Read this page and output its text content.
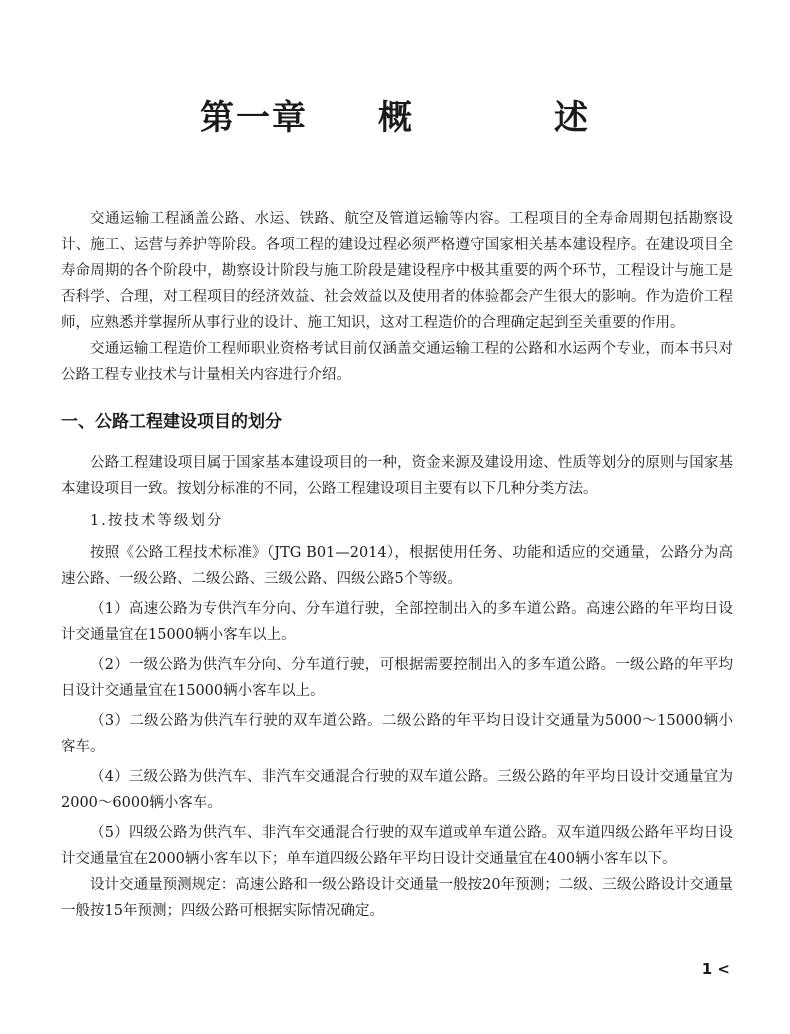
第一章 概	述

交通运输工程涵盖公路、水运、铁路、航空及管道运输等内容。工程项目的全寿命周期包括勘察设计、施工、运营与养护等阶段。各项工程的建设过程必须严格遵守国家相关基本建设程序。在建设项目全寿命周期的各个阶段中，勘察设计阶段与施工阶段是建设程序中极其重要的两个环节，工程设计与施工是否科学、合理，对工程项目的经济效益、社会效益以及使用者的体验都会产生很大的影响。作为造价工程师，应熟悉并掌握所从事行业的设计、施工知识，这对工程造价的合理确定起到至关重要的作用。

交通运输工程造价工程师职业资格考试目前仅涵盖交通运输工程的公路和水运两个专业，而本书只对公路工程专业技术与计量相关内容进行介绍。

一、公路工程建设项目的划分

公路工程建设项目属于国家基本建设项目的一种，资金来源及建设用途、性质等划分的原则与国家基本建设项目一致。按划分标准的不同，公路工程建设项目主要有以下几种分类方法。

1.按技术等级划分

按照《公路工程技术标准》（JTG B01—2014），根据使用任务、功能和适应的交通量，公路分为高速公路、一级公路、二级公路、三级公路、四级公路5个等级。

（1）高速公路为专供汽车分向、分车道行驶，全部控制出入的多车道公路。高速公路的年平均日设计交通量宜在15000辆小客车以上。

（2）一级公路为供汽车分向、分车道行驶，可根据需要控制出入的多车道公路。一级公路的年平均日设计交通量宜在15000辆小客车以上。

（3）二级公路为供汽车行驶的双车道公路。二级公路的年平均日设计交通量为5000～15000辆小客车。

（4）三级公路为供汽车、非汽车交通混合行驶的双车道公路。三级公路的年平均日设计交通量宜为2000～6000辆小客车。

（5）四级公路为供汽车、非汽车交通混合行驶的双车道或单车道公路。双车道四级公路年平均日设计交通量宜在2000辆小客车以下；单车道四级公路年平均日设计交通量宜在400辆小客车以下。

设计交通量预测规定：高速公路和一级公路设计交通量一般按20年预测；二级、三级公路设计交通量一般按15年预测；四级公路可根据实际情况确定。

1 <
